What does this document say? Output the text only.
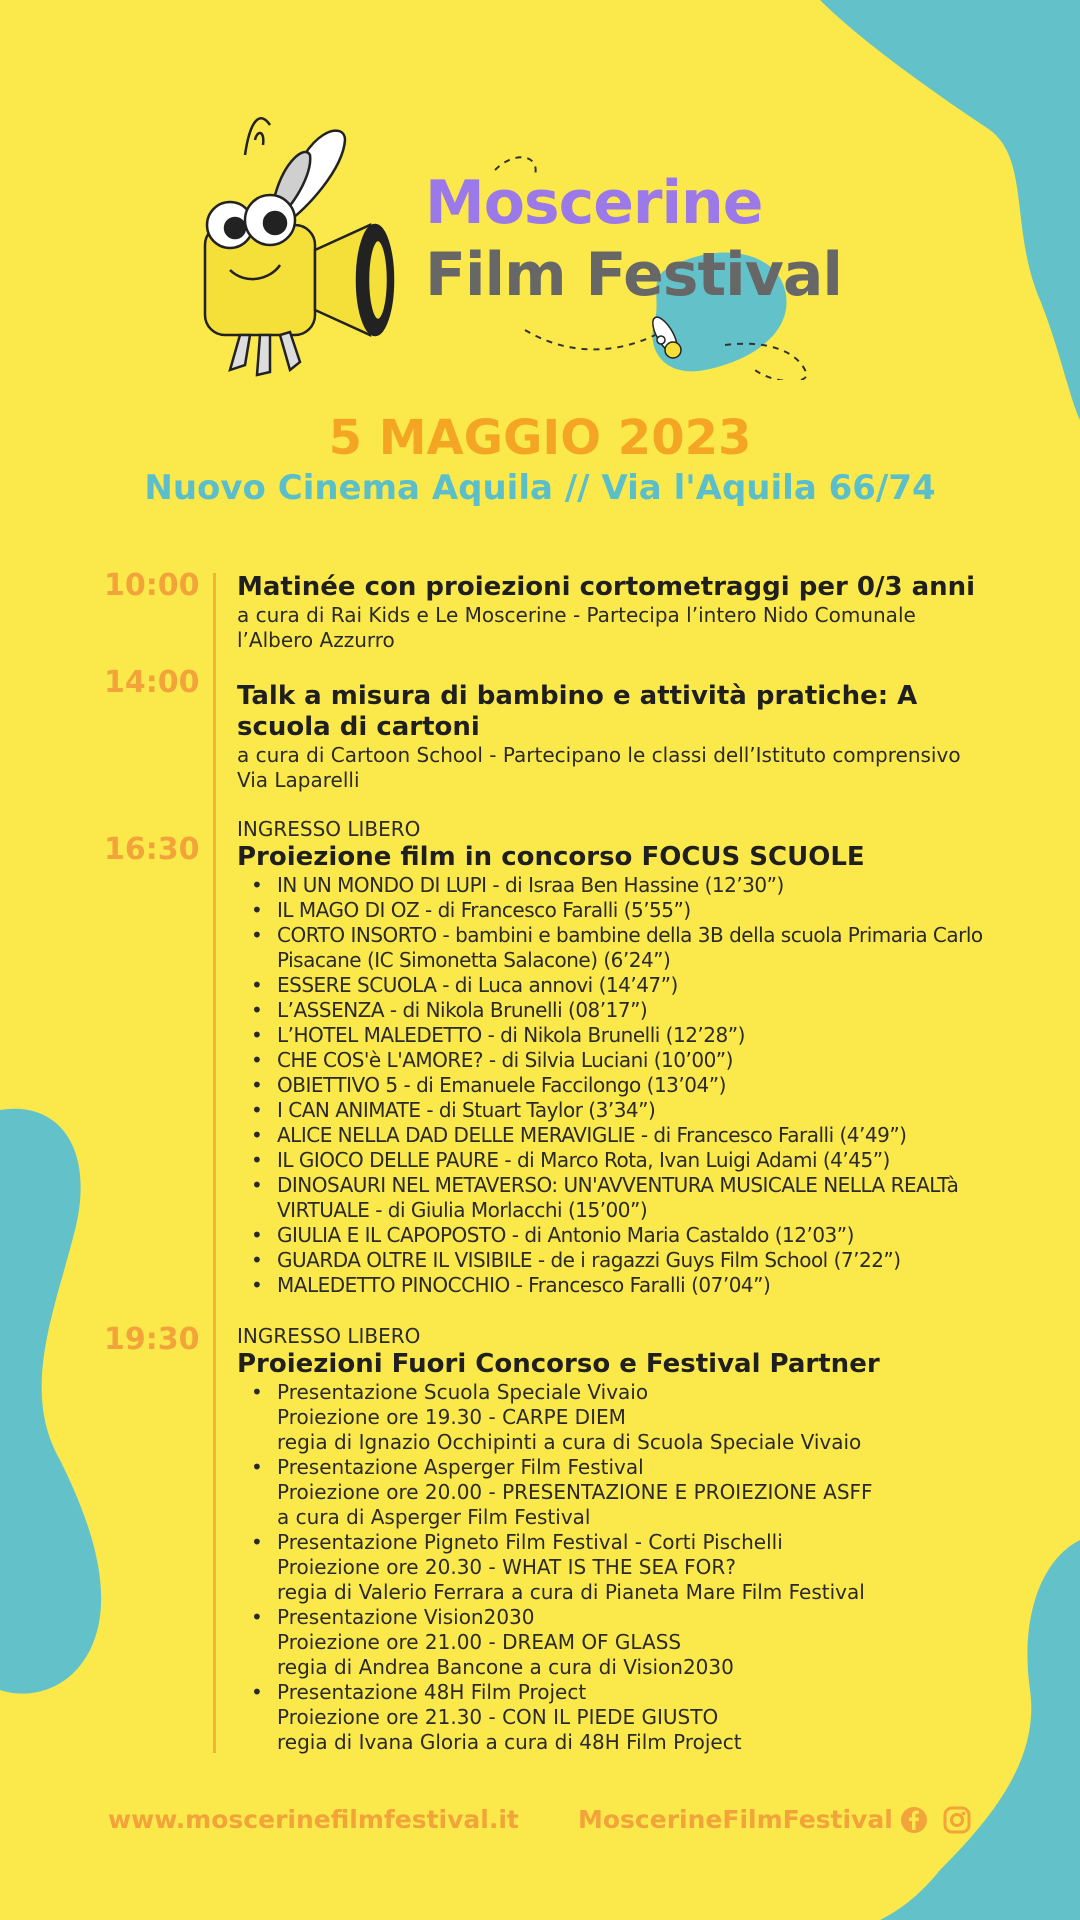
Moscerine
Film Festival
5 MAGGIO 2023
Nuovo Cinema Aquila // Via l'Aquila 66/74
10:00 Matinée con proiezioni cortometraggi per 0/3 anni
a cura di Rai Kids e Le Moscerine - Partecipa l’intero Nido Comunale l’Albero Azzurro
14:00 Talk a misura di bambino e attività pratiche: A scuola di cartoni
a cura di Cartoon School - Partecipano le classi dell’Istituto comprensivo Via Laparelli
16:30
INGRESSO LIBERO
Proiezione film in concorso FOCUS SCUOLE
• IN UN MONDO DI LUPI - di Israa Ben Hassine (12’30”)
• IL MAGO DI OZ - di Francesco Faralli (5’55”)
• CORTO INSORTO - bambini e bambine della 3B della scuola Primaria Carlo Pisacane (IC Simonetta Salacone) (6’24”)
• ESSERE SCUOLA - di Luca annovi (14’47”)
• L’ASSENZA - di Nikola Brunelli (08’17”)
• L’HOTEL MALEDETTO - di Nikola Brunelli (12’28”)
• CHE COS'è L'AMORE? - di Silvia Luciani (10’00”)
• OBIETTIVO 5 - di Emanuele Faccilongo (13’04”)
• I CAN ANIMATE - di Stuart Taylor (3’34”)
• ALICE NELLA DAD DELLE MERAVIGLIE - di Francesco Faralli (4’49”)
• IL GIOCO DELLE PAURE - di Marco Rota, Ivan Luigi Adami (4’45”)
• DINOSAURI NEL METAVERSO: UN'AVVENTURA MUSICALE NELLA REALTà VIRTUALE - di Giulia Morlacchi (15’00”)
• GIULIA E IL CAPOPOSTO - di Antonio Maria Castaldo (12’03”)
• GUARDA OLTRE IL VISIBILE - de i ragazzi Guys Film School (7’22”)
• MALEDETTO PINOCCHIO - Francesco Faralli (07’04”)
19:30 INGRESSO LIBERO
Proiezioni Fuori Concorso e Festival Partner
• Presentazione Scuola Speciale Vivaio
Proiezione ore 19.30 - CARPE DIEM
regia di Ignazio Occhipinti a cura di Scuola Speciale Vivaio
• Presentazione Asperger Film Festival
Proiezione ore 20.00 - PRESENTAZIONE E PROIEZIONE ASFF
a cura di Asperger Film Festival
• Presentazione Pigneto Film Festival - Corti Pischelli
Proiezione ore 20.30 - WHAT IS THE SEA FOR?
regia di Valerio Ferrara a cura di Pianeta Mare Film Festival
• Presentazione Vision2030
Proiezione ore 21.00 - DREAM OF GLASS
regia di Andrea Bancone a cura di Vision2030
• Presentazione 48H Film Project
Proiezione ore 21.30 - CON IL PIEDE GIUSTO
regia di Ivana Gloria a cura di 48H Film Project
www.moscerinefilmfestival.it MoscerineFilmFestival
